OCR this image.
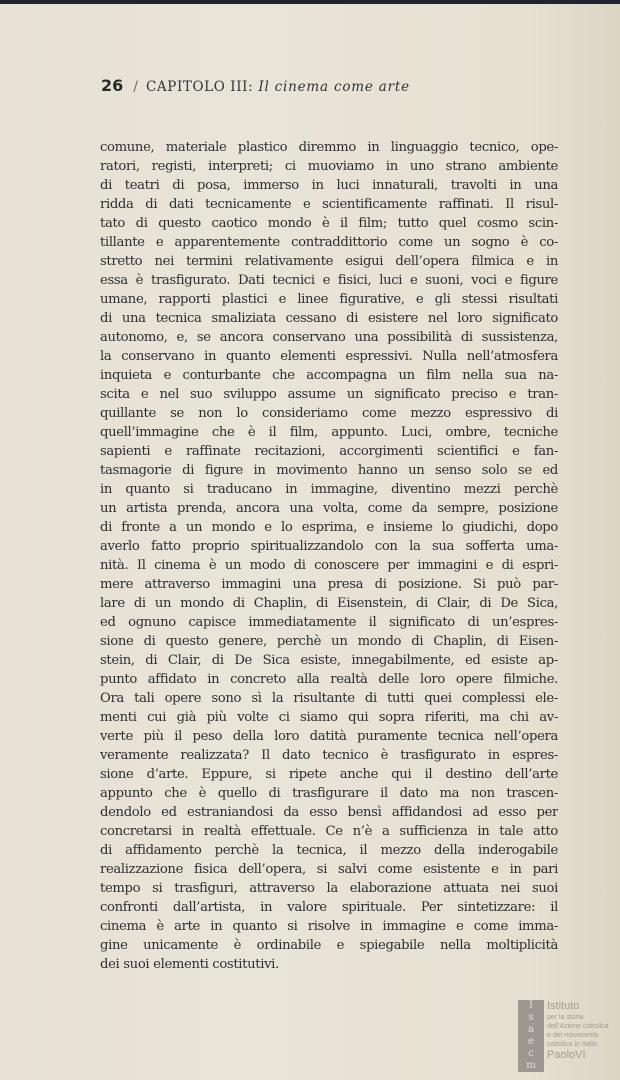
26 / CAPITOLO III: Il cinema come arte
comune, materiale plastico diremmo in linguaggio tecnico, ope-
ratori, registi, interpreti; ci muoviamo in uno strano ambiente
di teatri di posa, immerso in luci innaturali, travolti in una
ridda di dati tecnicamente e scientificamente raffinati. Il risul-
tato di questo caotico mondo è il film; tutto quel cosmo scin-
tillante e apparentemente contraddittorio come un sogno è co-
stretto nei termini relativamente esigui dell’opera filmica e in
essa è trasfigurato. Dati tecnici e fisici, luci e suoni, voci e figure
umane, rapporti plastici e linee figurative, e gli stessi risultati
di una tecnica smaliziata cessano di esistere nel loro significato
autonomo, e, se ancora conservano una possibilità di sussistenza,
la conservano in quanto elementi espressivi. Nulla nell’atmosfera
inquieta e conturbante che accompagna un film nella sua na-
scita e nel suo sviluppo assume un significato preciso e tran-
quillante se non lo consideriamo come mezzo espressivo di
quell’immagine che è il film, appunto. Luci, ombre, tecniche
sapienti e raffinate recitazioni, accorgimenti scientifici e fan-
tasmagorie di figure in movimento hanno un senso solo se ed
in quanto si traducano in immagine, diventino mezzi perchè
un artista prenda, ancora una volta, come da sempre, posizione
di fronte a un mondo e lo esprima, e insieme lo giudichi, dopo
averlo fatto proprio spiritualizzandolo con la sua sofferta uma-
nità. Il cinema è un modo di conoscere per immagini e di espri-
mere attraverso immagini una presa di posizione. Si può par-
lare di un mondo di Chaplin, di Eisenstein, di Clair, di De Sica,
ed ognuno capisce immediatamente il significato di un’espres-
sione di questo genere, perchè un mondo di Chaplin, di Eisen-
stein, di Clair, di De Sica esiste, innegabilmente, ed esiste ap-
punto affidato in concreto alla realtà delle loro opere filmiche.
Ora tali opere sono sì la risultante di tutti quei complessi ele-
menti cui già più volte ci siamo qui sopra riferiti, ma chi av-
verte più il peso della loro datità puramente tecnica nell’opera
veramente realizzata? Il dato tecnico è trasfigurato in espres-
sione d’arte. Eppure, si ripete anche qui il destino dell’arte
appunto che è quello di trasfigurare il dato ma non trascen-
dendolo ed estraniandosi da esso bensì affidandosi ad esso per
concretarsi in realtà effettuale. Ce n’è a sufficienza in tale atto
di affidamento perchè la tecnica, il mezzo della inderogabile
realizzazione fisica dell’opera, si salvi come esistente e in pari
tempo si trasfiguri, attraverso la elaborazione attuata nei suoi
confronti dall’artista, in valore spirituale. Per sintetizzare: il
cinema è arte in quanto si risolve in immagine e come imma-
gine unicamente è ordinabile e spiegabile nella moltiplicità
dei suoi elementi costitutivi.
I
s
a
e
c
m
Istituto
per la storia
dell’Azione cattolica
e del movimento
cattolico in Italia
PaoloVI
